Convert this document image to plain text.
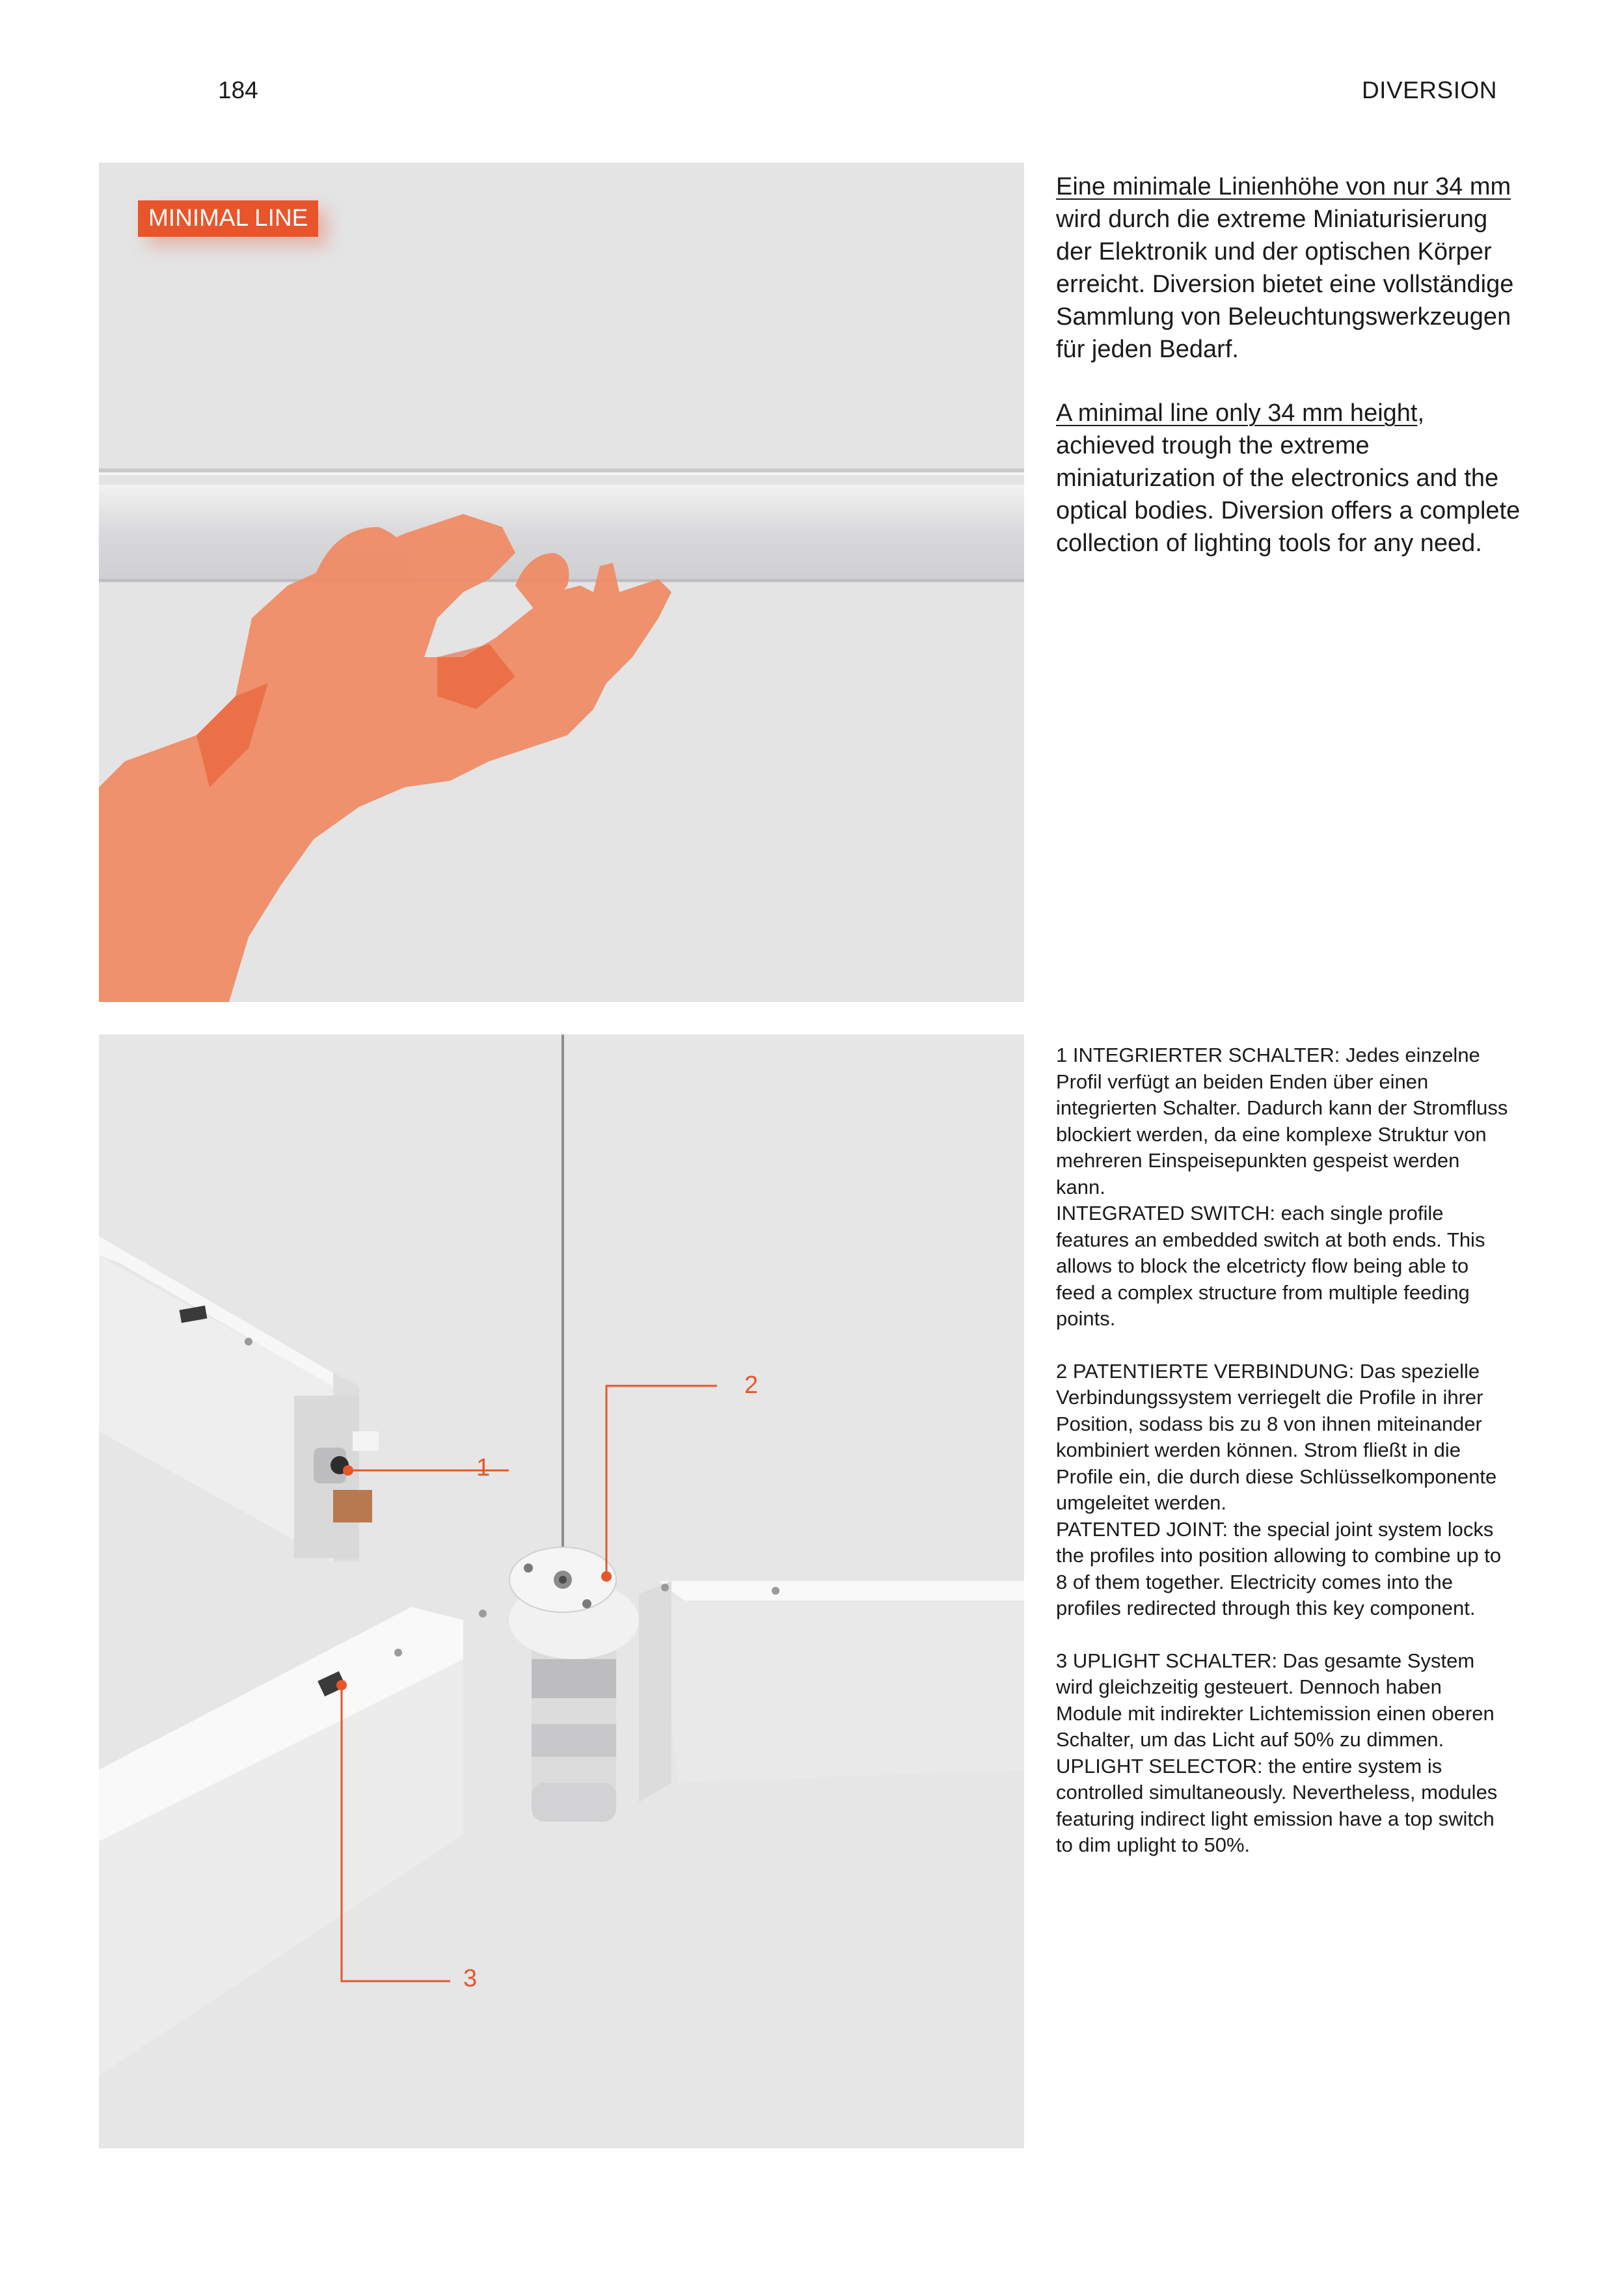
184	DIVERSION
MINIMAL LINE

Eine minimale Linienhöhe von nur 34 mm wird durch die extreme Miniaturisierung der Elektronik und der optischen Körper erreicht. Diversion bietet eine vollständige Sammlung von Beleuchtungswerkzeugen für jeden Bedarf.

A minimal line only 34 mm height, achieved trough the extreme miniaturization of the electronics and the optical bodies. Diversion offers a complete collection of lighting tools for any need.

2
1
3
1 INTEGRIERTER SCHALTER: Jedes einzelne Profil verfügt an beiden Enden über einen integrierten Schalter. Dadurch kann der Stromfluss blockiert werden, da eine komplexe Struktur von mehreren Einspeisepunkten gespeist werden kann.
INTEGRATED SWITCH: each single profile features an embedded switch at both ends. This allows to block the elcetricty flow being able to feed a complex structure from multiple feeding points.
2 PATENTIERTE VERBINDUNG: Das spezielle Verbindungssystem verriegelt die Profile in ihrer Position, sodass bis zu 8 von ihnen miteinander kombiniert werden können. Strom fließt in die Profile ein, die durch diese Schlüsselkomponente umgeleitet werden.
PATENTED JOINT: the special joint system locks the profiles into position allowing to combine up to 8 of them together. Electricity comes into the profiles redirected through this key component.
3 UPLIGHT SCHALTER: Das gesamte System wird gleichzeitig gesteuert. Dennoch haben Module mit indirekter Lichtemission einen oberen Schalter, um das Licht auf 50% zu dimmen.
UPLIGHT SELECTOR: the entire system is controlled simultaneously. Nevertheless, modules featuring indirect light emission have a top switch to dim uplight to 50%.
